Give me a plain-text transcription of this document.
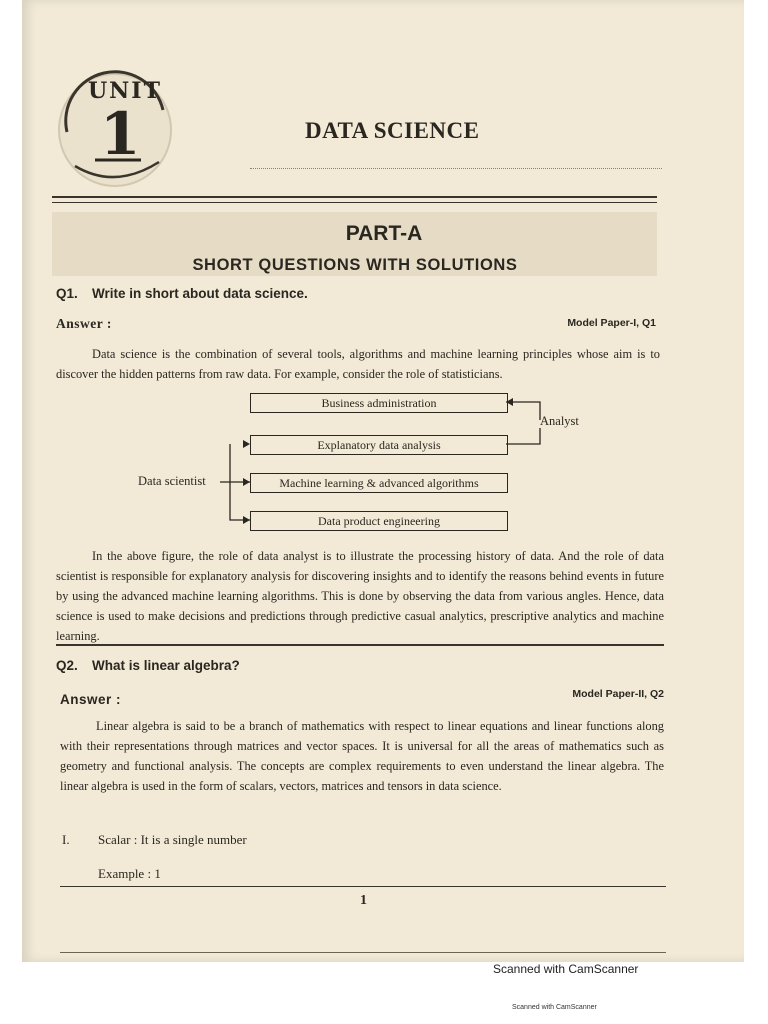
UNIT
1	DATA SCIENCE
PART-A
SHORT QUESTIONS WITH SOLUTIONS
Q1. Write in short about data science.
Answer :	Model Paper-I, Q1

Data science is the combination of several tools, algorithms and machine learning principles whose aim is to discover the hidden patterns from raw data. For example, consider the role of statisticians.

Business administration
Explanatory data analysis
Machine learning & advanced algorithms
Data product engineering
Analyst
Data scientist

In the above figure, the role of data analyst is to illustrate the processing history of data. And the role of data scientist is responsible for explanatory analysis for discovering insights and to identify the reasons behind events in future by using the advanced machine learning algorithms. This is done by observing the data from various angles. Hence, data science is used to make decisions and predictions through predictive casual analytics, prescriptive analytics and machine learning.

Q2. What is linear algebra?
Answer :	Model Paper-II, Q2

Linear algebra is said to be a branch of mathematics with respect to linear equations and linear functions along with their representations through matrices and vector spaces. It is universal for all the areas of mathematics such as geometry and functional analysis. The concepts are complex requirements to even understand the linear algebra. The linear algebra is used in the form of scalars, vectors, matrices and tensors in data science.

I. Scalar : It is a single number
Example : 1
1
Scanned with CamScanner
Scanned with CamScanner
